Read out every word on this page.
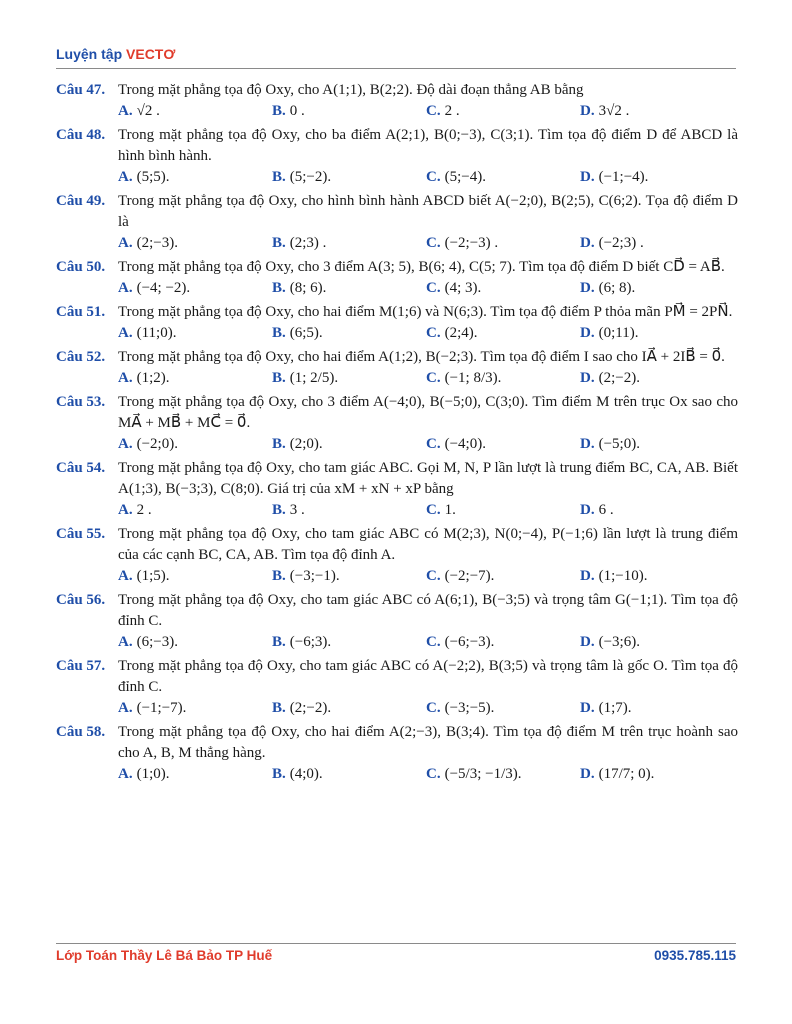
Luyện tập VECTƠ
Câu 47. Trong mặt phẳng tọa độ Oxy, cho A(1;1), B(2;2). Độ dài đoạn thẳng AB bằng
A. √2 .	B. 0 .	C. 2 .	D. 3√2 .
Câu 48. Trong mặt phẳng tọa độ Oxy, cho ba điểm A(2;1), B(0;−3), C(3;1). Tìm tọa độ điểm D để ABCD là hình bình hành.
A. (5;5).	B. (5;−2).	C. (5;−4).	D. (−1;−4).
Câu 49. Trong mặt phẳng tọa độ Oxy, cho hình bình hành ABCD biết A(−2;0), B(2;5), C(6;2). Tọa độ điểm D là
A. (2;−3).	B. (2;3) .	C. (−2;−3) .	D. (−2;3) .
Câu 50. Trong mặt phẳng tọa độ Oxy, cho 3 điểm A(3; 5), B(6; 4), C(5; 7). Tìm tọa độ điểm D biết CD⃗ = AB⃗.
A. (−4; −2).	B. (8; 6).	C. (4; 3).	D. (6; 8).
Câu 51. Trong mặt phẳng tọa độ Oxy, cho hai điểm M(1;6) và N(6;3). Tìm tọa độ điểm P thỏa mãn PM⃗ = 2PN⃗.
A. (11;0).	B. (6;5).	C. (2;4).	D. (0;11).
Câu 52. Trong mặt phẳng tọa độ Oxy, cho hai điểm A(1;2), B(−2;3). Tìm tọa độ điểm I sao cho IA⃗ + 2IB⃗ = 0⃗.
A. (1;2).	B. (1; 2/5).	C. (−1; 8/3).	D. (2;−2).
Câu 53. Trong mặt phẳng tọa độ Oxy, cho 3 điểm A(−4;0), B(−5;0), C(3;0). Tìm điểm M trên trục Ox sao cho MA⃗ + MB⃗ + MC⃗ = 0⃗.
A. (−2;0).	B. (2;0).	C. (−4;0).	D. (−5;0).
Câu 54. Trong mặt phẳng tọa độ Oxy, cho tam giác ABC. Gọi M, N, P lần lượt là trung điểm BC, CA, AB. Biết A(1;3), B(−3;3), C(8;0). Giá trị của xM + xN + xP bằng
A. 2 .	B. 3 .	C. 1.	D. 6 .
Câu 55. Trong mặt phẳng tọa độ Oxy, cho tam giác ABC có M(2;3), N(0;−4), P(−1;6) lần lượt là trung điểm của các cạnh BC, CA, AB. Tìm tọa độ đỉnh A.
A. (1;5).	B. (−3;−1).	C. (−2;−7).	D. (1;−10).
Câu 56. Trong mặt phẳng tọa độ Oxy, cho tam giác ABC có A(6;1), B(−3;5) và trọng tâm G(−1;1). Tìm tọa độ đỉnh C.
A. (6;−3).	B. (−6;3).	C. (−6;−3).	D. (−3;6).
Câu 57. Trong mặt phẳng tọa độ Oxy, cho tam giác ABC có A(−2;2), B(3;5) và trọng tâm là gốc O. Tìm tọa độ đỉnh C.
A. (−1;−7).	B. (2;−2).	C. (−3;−5).	D. (1;7).
Câu 58. Trong mặt phẳng tọa độ Oxy, cho hai điểm A(2;−3), B(3;4). Tìm tọa độ điểm M trên trục hoành sao cho A, B, M thẳng hàng.
A. (1;0).	B. (4;0).	C. (−5/3; −1/3).	D. (17/7; 0).
Lớp Toán Thầy Lê Bá Bảo TP Huế	0935.785.115
